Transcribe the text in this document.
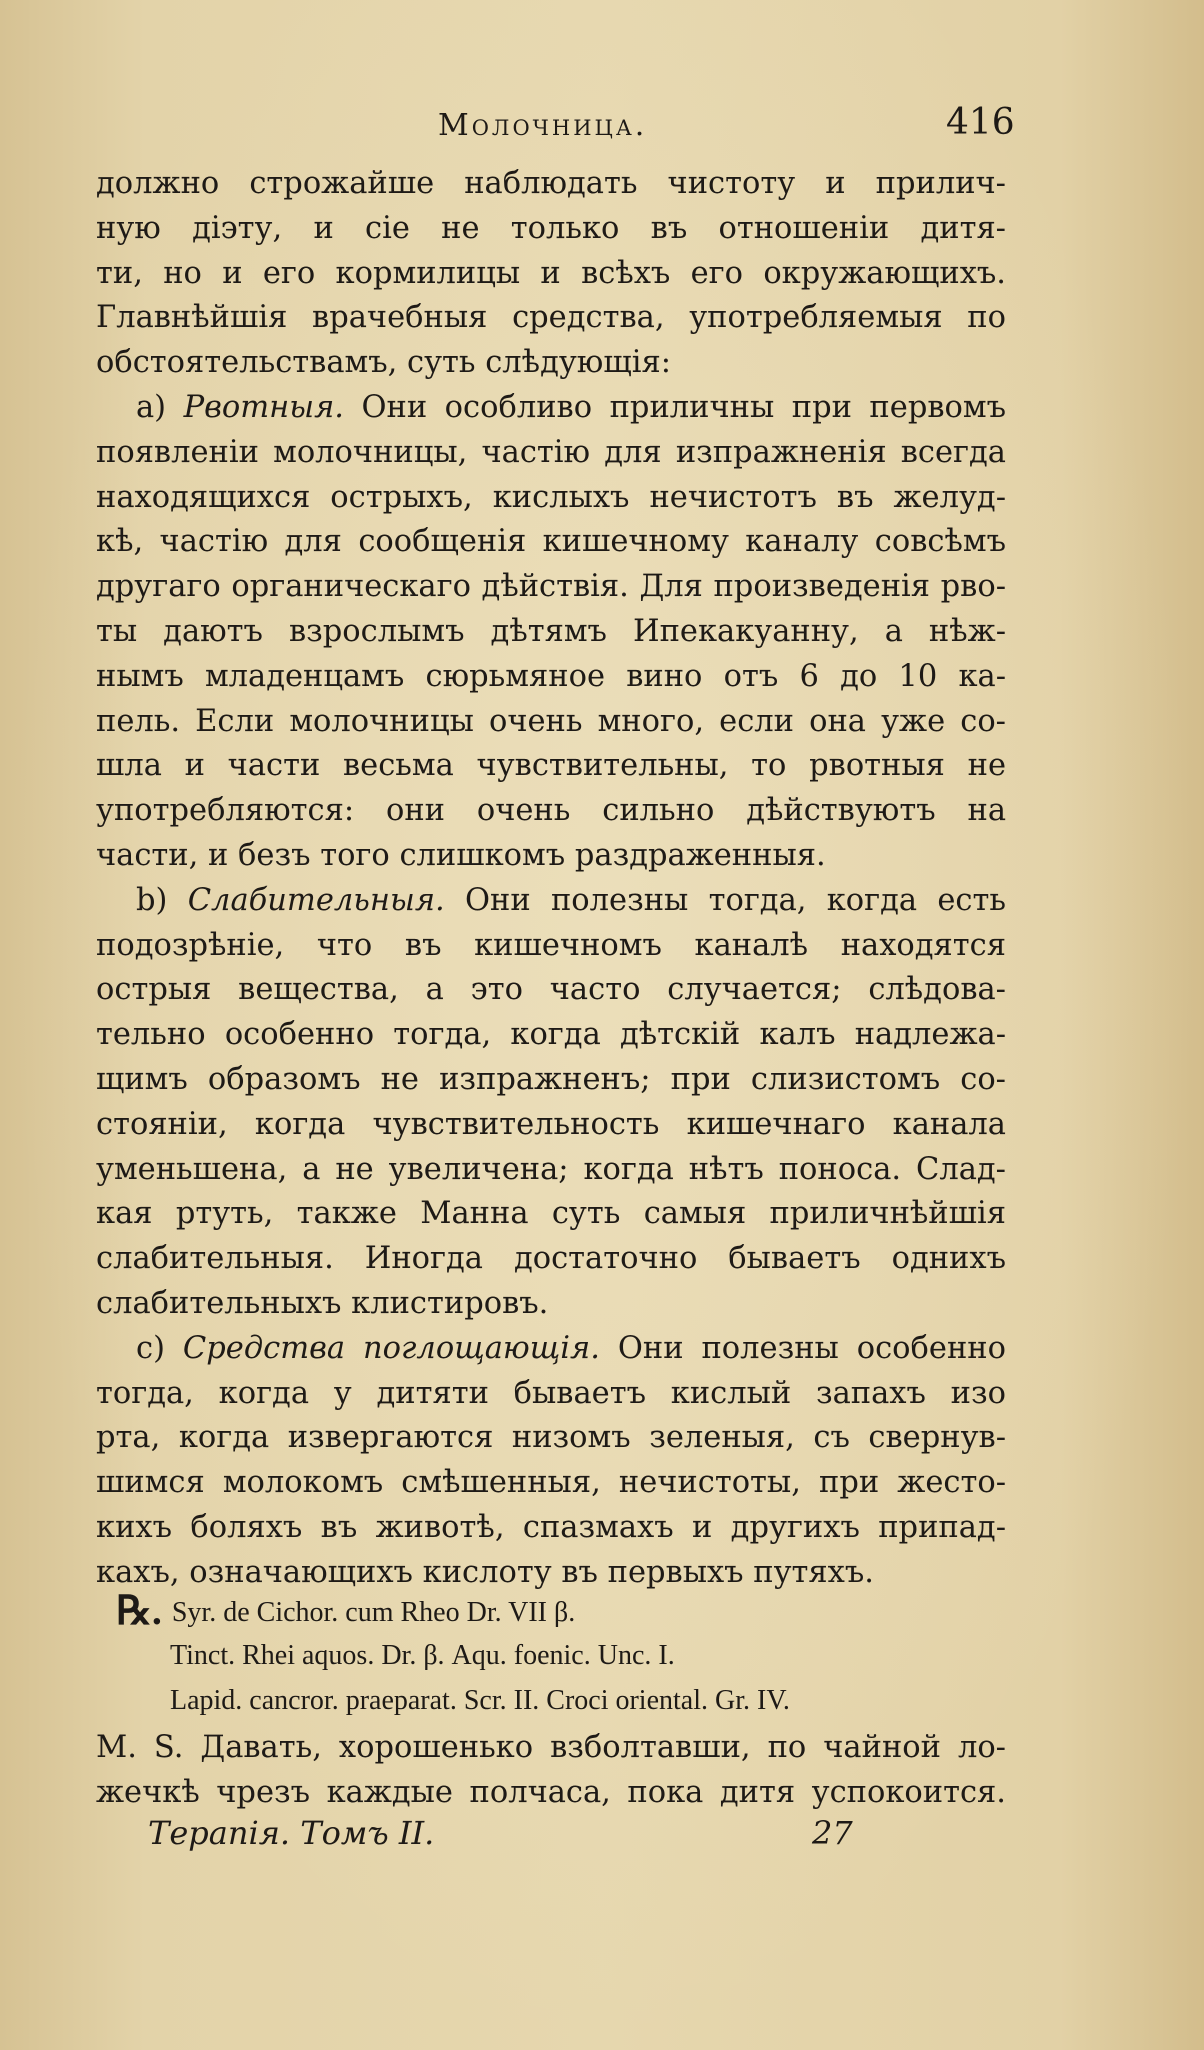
Молочница.	416
должно строжайше наблюдать чистоту и прилич-
ную діэту, и сіе не только въ отношеніи дитя-
ти, но и его кормилицы и всѣхъ его окружающихъ.
Главнѣйшія врачебныя средства, употребляемыя по
обстоятельствамъ, суть слѣдующія:
a) Рвотныя. Они особливо приличны при первомъ
появленіи молочницы, частію для изпражненія всегда
находящихся острыхъ, кислыхъ нечистотъ въ желуд-
кѣ, частію для сообщенія кишечному каналу совсѣмъ
другаго органическаго дѣйствія. Для произведенія рво-
ты даютъ взрослымъ дѣтямъ Ипекакуанну, а нѣж-
нымъ младенцамъ сюрьмяное вино отъ 6 до 10 ка-
пель. Если молочницы очень много, если она уже со-
шла и части весьма чувствительны, то рвотныя не
употребляются: они очень сильно дѣйствуютъ на
части, и безъ того слишкомъ раздраженныя.
b) Слабительныя. Они полезны тогда, когда есть
подозрѣніе, что въ кишечномъ каналѣ находятся
острыя вещества, а это часто случается; слѣдова-
тельно особенно тогда, когда дѣтскій калъ надлежа-
щимъ образомъ не изпражненъ; при слизистомъ со-
стояніи, когда чувствительность кишечнаго канала
уменьшена, а не увеличена; когда нѣтъ поноса. Слад-
кая ртуть, также Манна суть самыя приличнѣйшія
слабительныя. Иногда достаточно бываетъ однихъ
слабительныхъ клистировъ.
c) Средства поглощающія. Они полезны особенно
тогда, когда у дитяти бываетъ кислый запахъ изо
рта, когда извергаются низомъ зеленыя, съ свернув-
шимся молокомъ смѣшенныя, нечистоты, при жесто-
кихъ боляхъ въ животѣ, спазмахъ и другихъ припад-
кахъ, означающихъ кислоту въ первыхъ путяхъ.
℞. Syr. de Cichor. cum Rheo Dr. VII β.
Tinct. Rhei aquos. Dr. β. Aqu. foenic. Unc. I.
Lapid. cancror. praeparat. Scr. II. Croci oriental. Gr. IV.
M. S. Давать, хорошенько взболтавши, по чайной ло-
жечкѣ чрезъ каждые полчаса, пока дитя успокоится.
Терапія. Томъ II.	27
